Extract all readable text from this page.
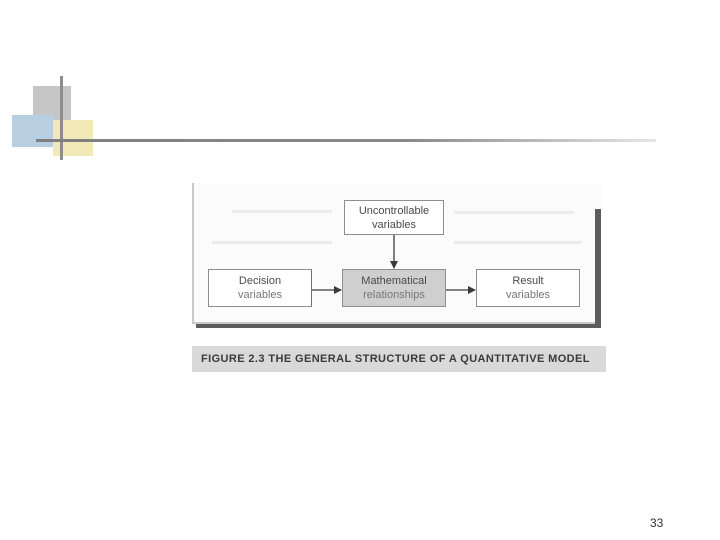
Uncontrollable
variables
Decision
variables
Mathematical
relationships
Result
variables
FIGURE 2.3 THE GENERAL STRUCTURE OF A QUANTITATIVE MODEL
33
